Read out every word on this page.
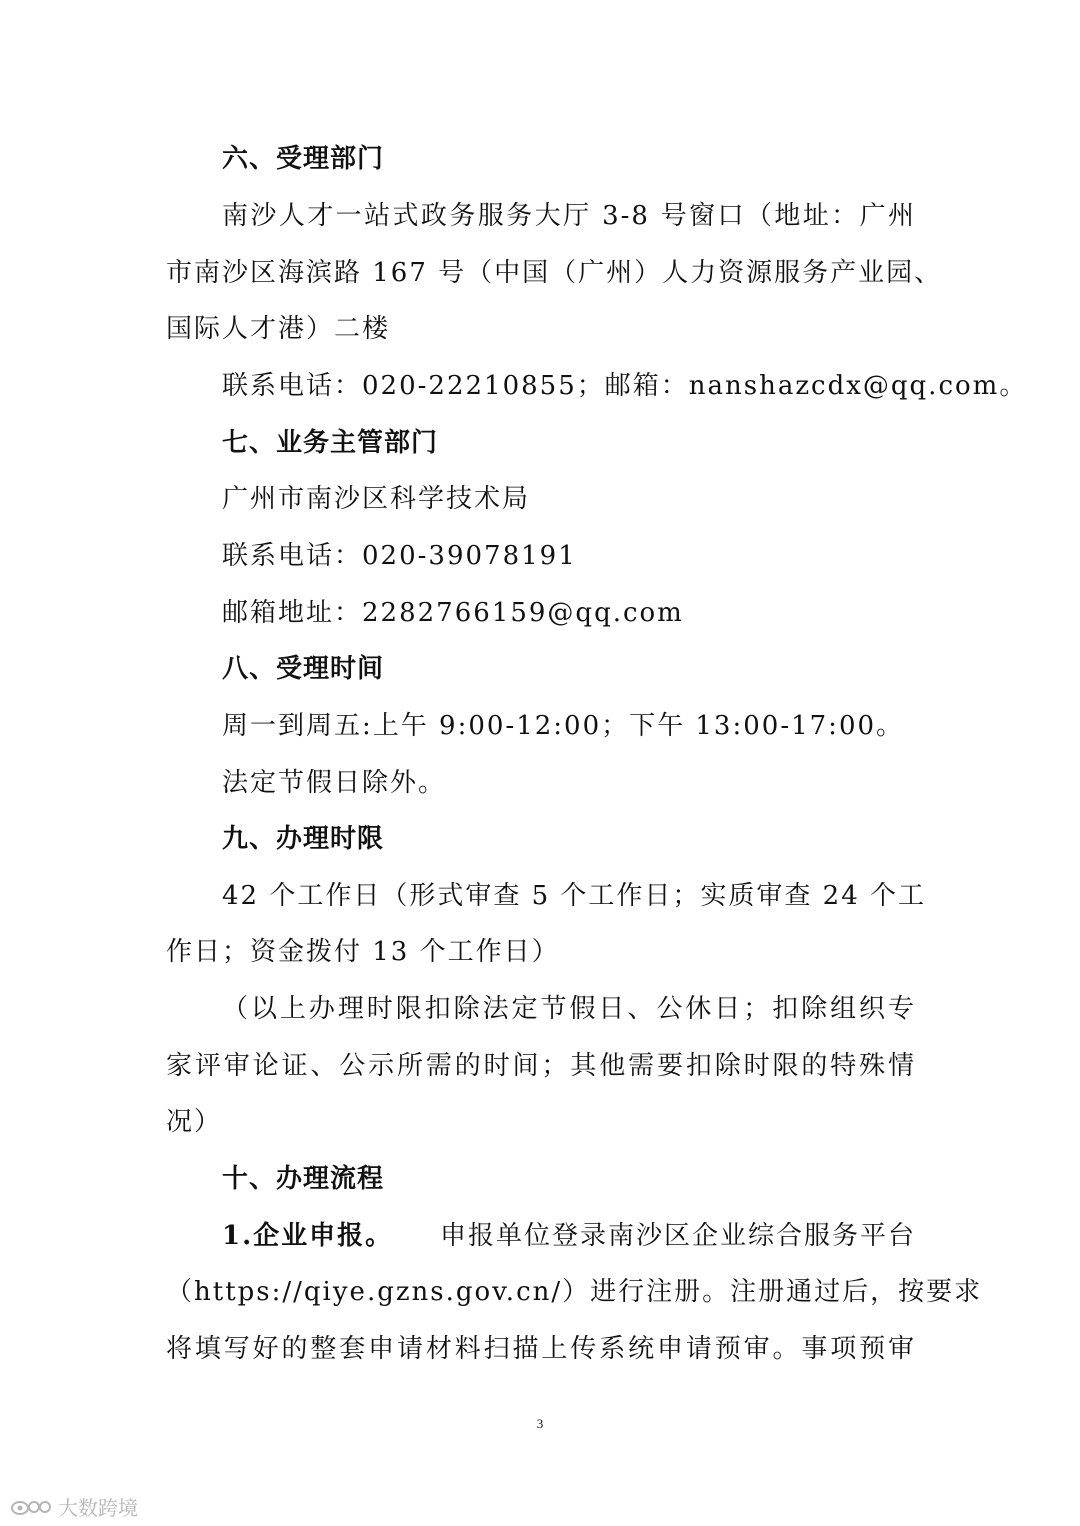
六、受理部门
南沙人才一站式政务服务大厅 3-8 号窗口（地址：广州
市南沙区海滨路 167 号（中国（广州）人力资源服务产业园、
国际人才港）二楼
联系电话：020-22210855；邮箱：nanshazcdx@qq.com。
七、业务主管部门
广州市南沙区科学技术局
联系电话：020-39078191
邮箱地址：2282766159@qq.com
八、受理时间
周一到周五:上午 9:00-12:00；下午 13:00-17:00。
法定节假日除外。
九、办理时限
42 个工作日（形式审查 5 个工作日；实质审查 24 个工
作日；资金拨付 13 个工作日）
（以上办理时限扣除法定节假日、公休日；扣除组织专
家评审论证、公示所需的时间；其他需要扣除时限的特殊情
况）
十、办理流程
1.企业申报。 申报单位登录南沙区企业综合服务平台
（https://qiye.gzns.gov.cn/）进行注册。注册通过后，按要求
将填写好的整套申请材料扫描上传系统申请预审。事项预审
3
大数跨境
